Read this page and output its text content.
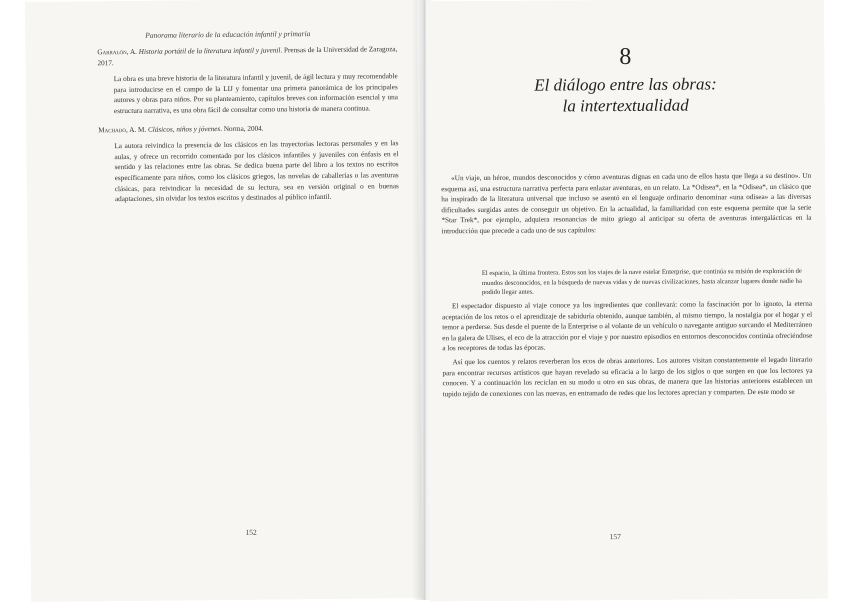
Panorama literario de la educación infantil y primaria

Garralón, A. Historia portátil de la literatura infantil y juvenil. Prensas de la Universidad de Zaragoza, 2017.

La obra es una breve historia de la literatura infantil y juvenil, de ágil lectura y muy recomendable para introducirse en el campo de la LIJ y fomentar una primera panorámica de los principales autores y obras para niños. Por su planteamiento, capítulos breves con información esencial y una estructura narrativa, es una obra fácil de consultar como una historia de manera continua.

Machado, A. M. Clásicos, niños y jóvenes. Norma, 2004.

La autora reivindica la presencia de los clásicos en las trayectorias lectoras personales y en las aulas, y ofrece un recorrido comentado por los clásicos infantiles y juveniles con énfasis en el sentido y las relaciones entre las obras. Se dedica buena parte del libro a los textos no escritos específicamente para niños, como los clásicos griegos, las novelas de caballerías o las aventuras clásicas, para reivindicar la necesidad de su lectura, sea en versión original o en buenas adaptaciones, sin olvidar los textos escritos y destinados al público infantil.

152
8
El diálogo entre las obras:
la intertextualidad

«Un viaje, un héroe, mundos desconocidos y cómo aventuras dignas en cada uno de ellos hasta que llega a su destino». Un esquema así, una estructura narrativa perfecta para enlazar aventuras, en un relato. La *Odisea*, en la *Odisea*, un clásico que ha inspirado de la literatura universal que incluso se asentó en el lenguaje ordinario denominar «una odisea» a las diversas dificultades surgidas antes de conseguir un objetivo. En la actualidad, la familiaridad con este esquema permite que la serie *Star Trek*, por ejemplo, adquiera resonancias de mito griego al anticipar su oferta de aventuras intergalácticas en la introducción que precede a cada uno de sus capítulos:

El espacio, la última frontera. Estos son los viajes de la nave estelar Enterprise, que continúa su misión de exploración de mundos desconocidos, en la búsqueda de nuevas vidas y de nuevas civilizaciones, hasta alcanzar lugares donde nadie ha podido llegar antes.

El espectador dispuesto al viaje conoce ya los ingredientes que conllevará: como la fascinación por lo ignoto, la eterna aceptación de los retos o el aprendizaje de sabiduría obtenido, aunque también, al mismo tiempo, la nostalgia por el hogar y el temor a perderse. Sus desde el puente de la Enterprise o al volante de un vehículo o navegante antiguo surcando el Mediterráneo en la galera de Ulises, el eco de la atracción por el viaje y por nuestro episodios en entornos desconocidos continúa ofreciéndose a los receptores de todas las épocas.

Así que los cuentos y relatos reverberan los ecos de obras anteriores. Los autores visitan constantemente el legado literario para encontrar recursos artísticos que hayan revelado su eficacia a lo largo de los siglos o que surgen en que los lectores ya conocen. Y a continuación los reciclan en su modo u otro en sus obras, de manera que las historias anteriores establecen un tupido tejido de conexiones con las nuevas, en entramado de redes que los lectores aprecian y comparten. De este modo se

157
